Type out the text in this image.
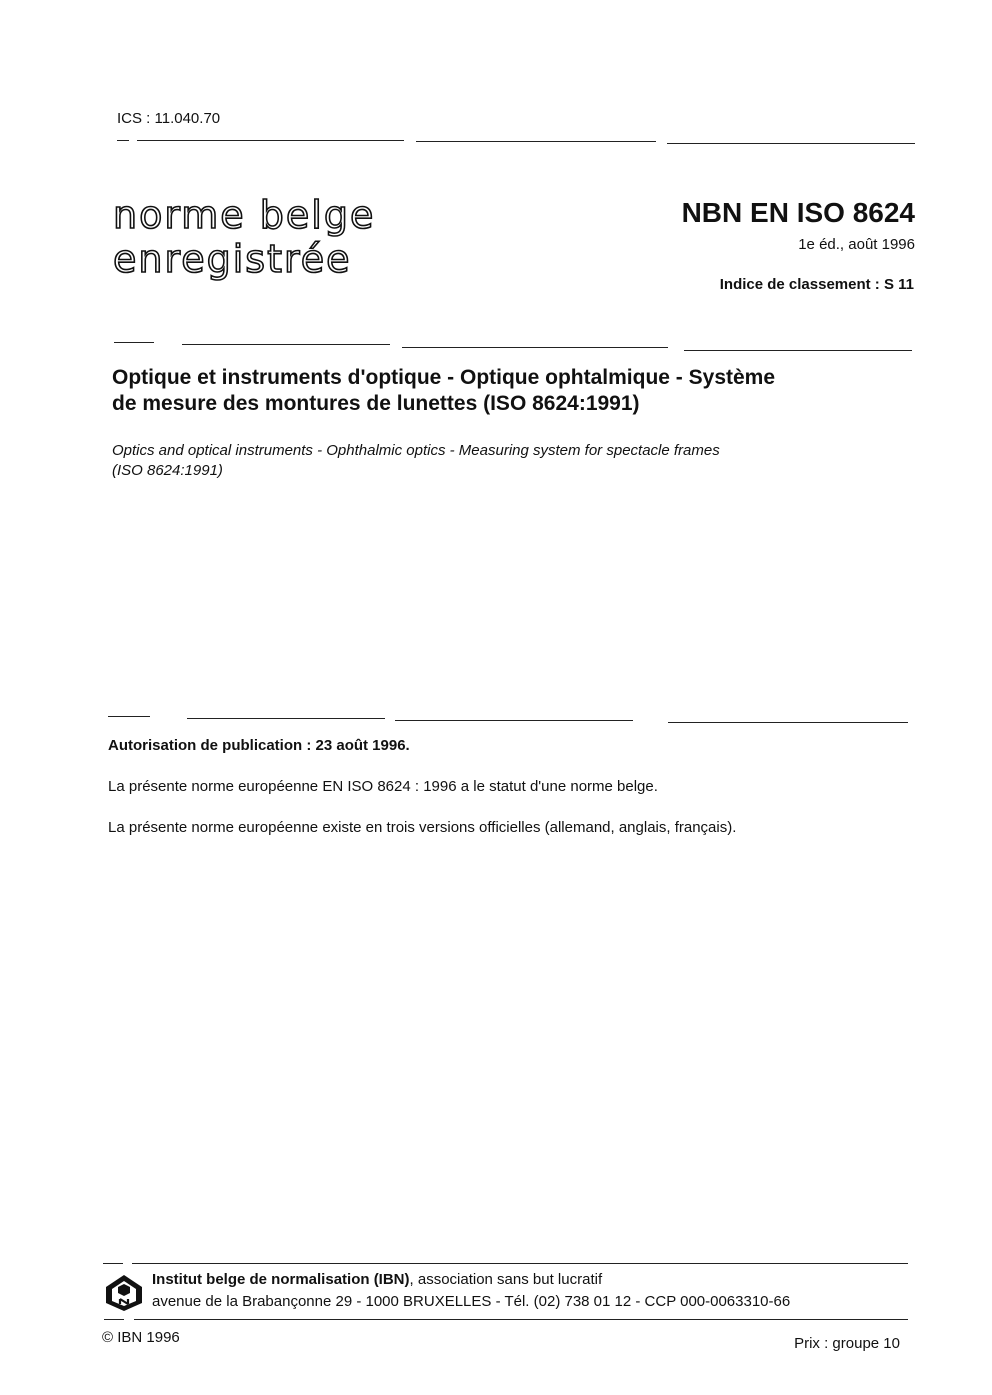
ICS : 11.040.70
norme belge
enregistrée
NBN EN ISO 8624
1e éd., août 1996
Indice de classement : S 11
Optique et instruments d'optique - Optique ophtalmique - Système
de mesure des montures de lunettes (ISO 8624:1991)
Optics and optical instruments - Ophthalmic optics - Measuring system for spectacle frames
(ISO 8624:1991)
Autorisation de publication : 23 août 1996.
La présente norme européenne EN ISO 8624 : 1996 a le statut d'une norme belge.
La présente norme européenne existe en trois versions officielles (allemand, anglais, français).
Institut belge de normalisation (IBN), association sans but lucratif
avenue de la Brabançonne 29 - 1000 BRUXELLES - Tél. (02) 738 01 12 - CCP 000-0063310-66
© IBN 1996	Prix : groupe 10
